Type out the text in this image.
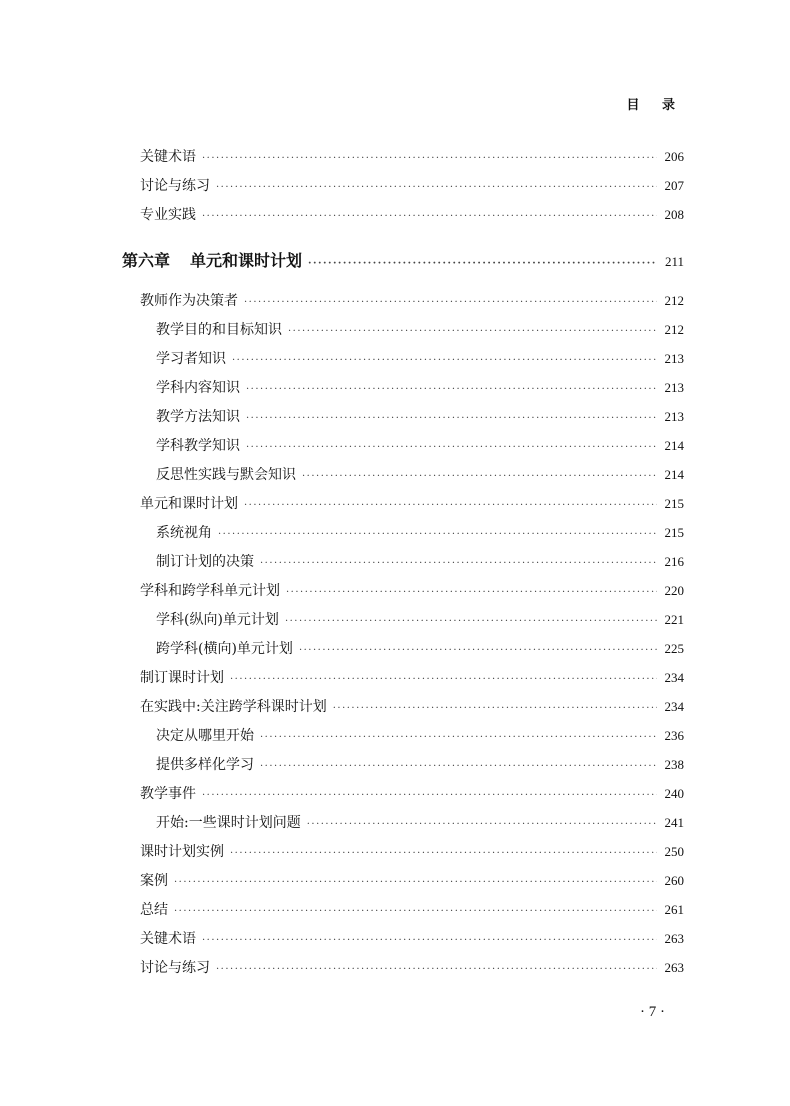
目 录
关键术语 ·····	206
讨论与练习 ·····	207
专业实践 ·····	208
第六章 单元和课时计划 ·····	211
教师作为决策者 ·····	212
教学目的和目标知识 ·····	212
学习者知识 ·····	213
学科内容知识 ·····	213
教学方法知识 ·····	213
学科教学知识 ·····	214
反思性实践与默会知识 ·····	214
单元和课时计划 ·····	215
系统视角 ·····	215
制订计划的决策 ·····	216
学科和跨学科单元计划 ·····	220
学科(纵向)单元计划 ·····	221
跨学科(横向)单元计划 ·····	225
制订课时计划 ·····	234
在实践中:关注跨学科课时计划 ·····	234
决定从哪里开始 ·····	236
提供多样化学习 ·····	238
教学事件 ·····	240
开始:一些课时计划问题 ·····	241
课时计划实例 ·····	250
案例 ·····	260
总结 ·····	261
关键术语 ·····	263
讨论与练习 ·····	263
· 7 ·
